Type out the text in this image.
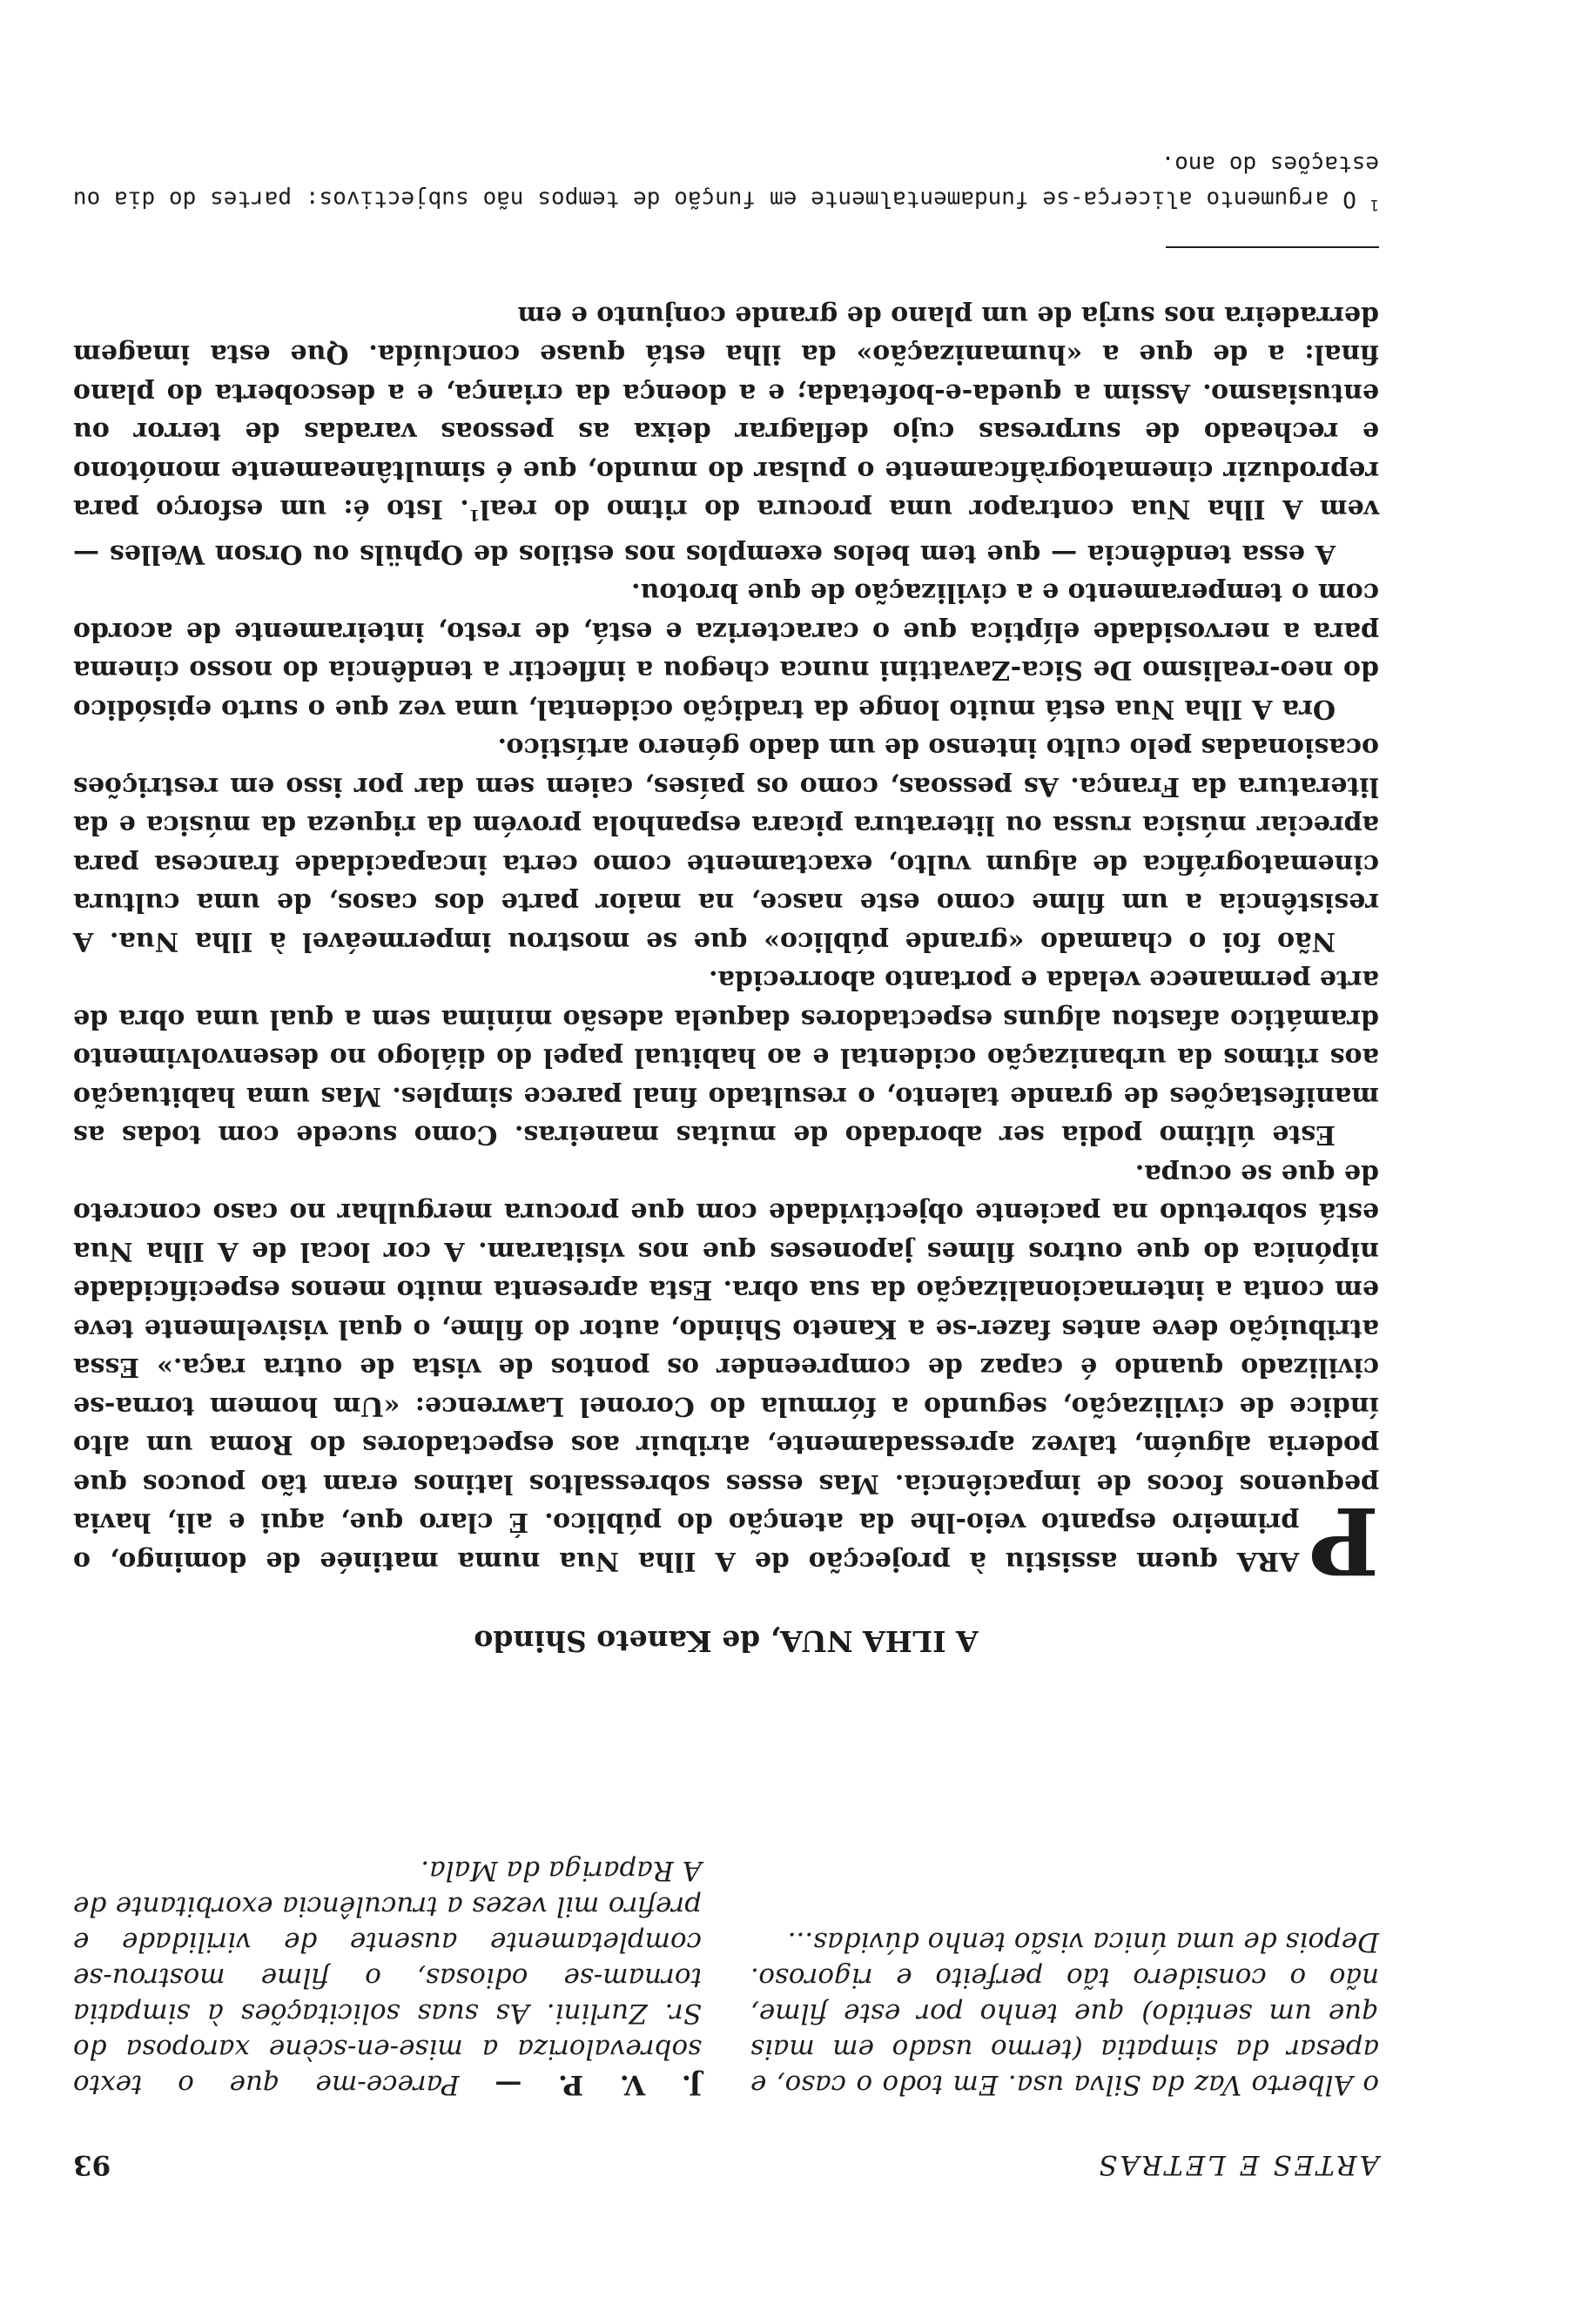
ARTES E LETRAS
93

o Alberto Vaz da Silva usa. Em todo o caso, e apesar da simpatia (termo usado em mais que um sentido) que tenho por este filme, não o considero tão perfeito e rigoroso. Depois de uma única visão tenho dúvidas...

J. V. P. — Parece-me que o texto sobrevaloriza a mise-en-scène xaroposa do Sr. Zurlini. As suas solicitações à simpatia tornam-se odiosas, o filme mostrou-se completamente ausente de virilidade e prefiro mil vezes a truculência exorbitante de A Rapariga da Mala.

A ILHA NUA, de Kaneto Shindo

P
ARA quem assistiu à projecção de A Ilha Nua numa matinée de domingo, o primeiro espanto veio-lhe da atenção do público. É claro que, aqui e ali, havia pequenos focos de impaciência. Mas esses sobressaltos latinos eram tão poucos que poderia alguém, talvez apressadamente, atribuir aos espectadores do Roma um alto índice de civilização, segundo a fórmula do Coronel Lawrence: «Um homem torna-se civilizado quando é capaz de compreender os pontos de vista de outra raça.» Essa atribuição deve antes fazer-se a Kaneto Shindo, autor do filme, o qual visivelmente teve em conta a internacionalização da sua obra. Esta apresenta muito menos especificidade nipónica do que outros filmes japoneses que nos visitaram. A cor local de A Ilha Nua está sobretudo na paciente objectividade com que procura mergulhar no caso concreto de que se ocupa.

Este último podia ser abordado de muitas maneiras. Como sucede com todas as manifestações de grande talento, o resultado final parece simples. Mas uma habituação aos ritmos da urbanização ocidental e ao habitual papel do diálogo no desenvolvimento dramático afastou alguns espectadores daquela adesão mínima sem a qual uma obra de arte permanece velada e portanto aborrecida.

Não foi o chamado «grande público» que se mostrou impermeável à Ilha Nua. A resistência a um filme como este nasce, na maior parte dos casos, de uma cultura cinematográfica de algum vulto, exactamente como certa incapacidade francesa para apreciar música russa ou literatura picara espanhola provém da riqueza da música e da literatura da França. As pessoas, como os países, caiem sem dar por isso em restrições ocasionadas pelo culto intenso de um dado género artístico.

Ora A Ilha Nua está muito longe da tradição ocidental, uma vez que o surto episódico do neo-realismo De Sica-Zavattini nunca chegou a inflectir a tendência do nosso cinema para a nervosidade elíptica que o caracteriza e está, de resto, inteiramente de acordo com o temperamento e a civilização de que brotou.

A essa tendência — que tem belos exemplos nos estilos de Ophüls ou Orson Welles — vem A Ilha Nua contrapor uma procura do ritmo do real$^1$. Isto é: um esforço para reproduzir cinematogràficamente o pulsar do mundo, que é simultâneamente monótono e recheado de surpresas cujo deflagrar deixa as pessoas varadas de terror ou entusiasmo. Assim a queda-e-bofetada; e a doença da criança, e a descoberta do plano final: a de que a «humanização» da ilha está quase concluída. Que esta imagem derradeira nos surja de um plano de grande conjunto e em

$^1$ O argumento alicerça-se fundamentalmente em função de tempos não subjectivos: partes do dia ou estações do ano.
